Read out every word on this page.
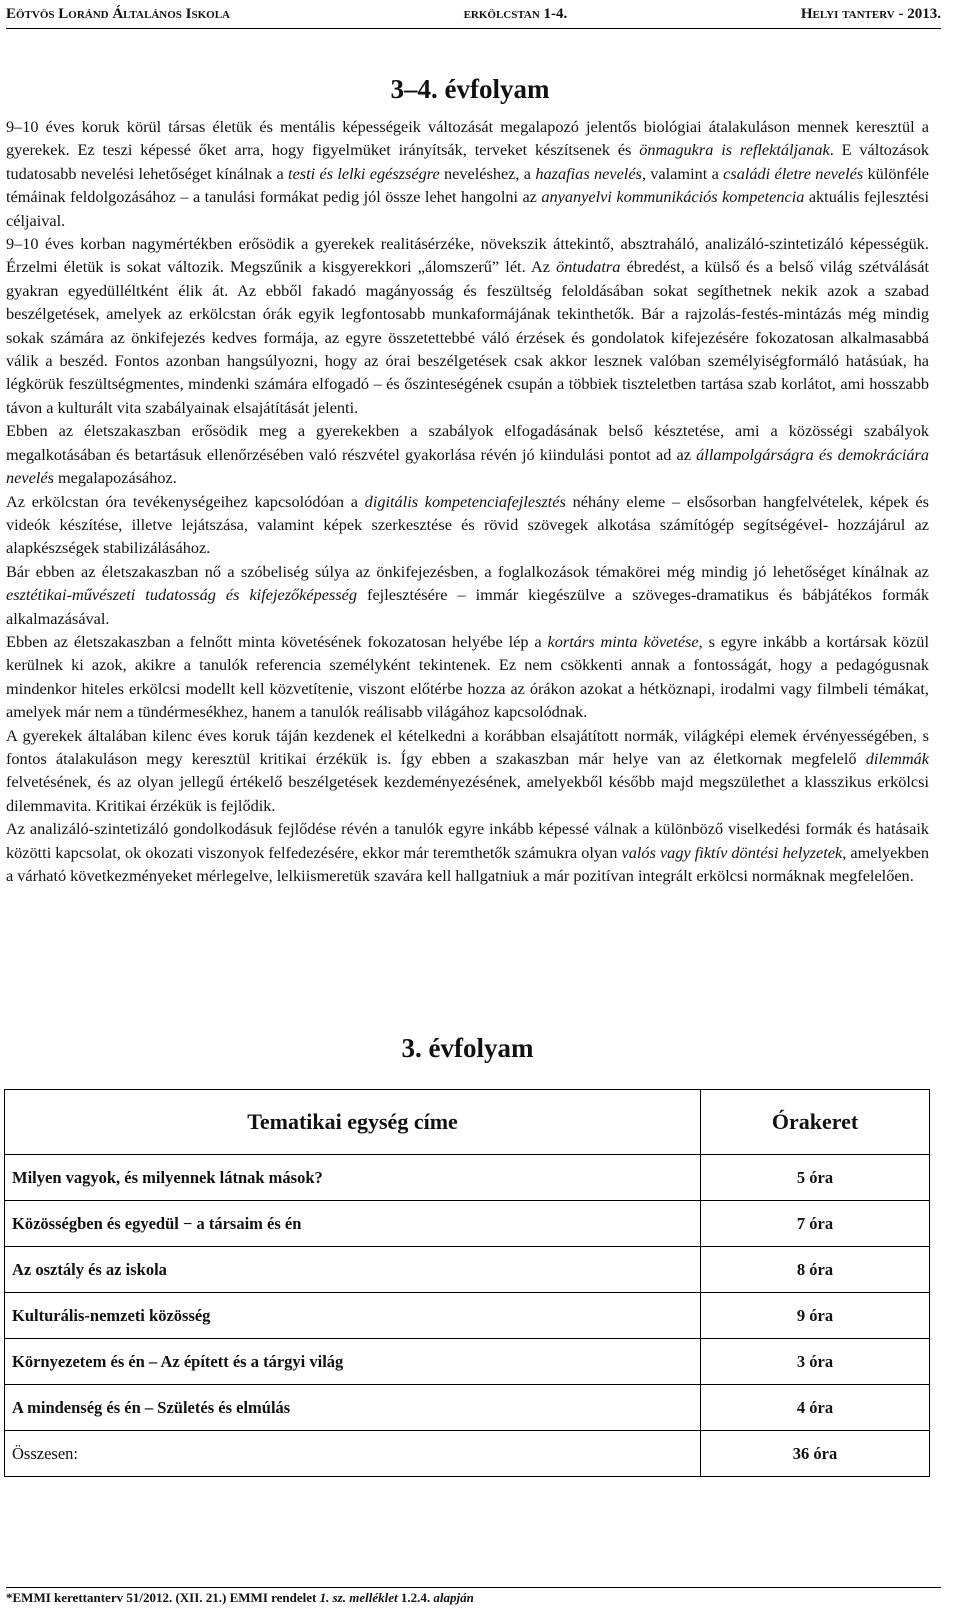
Eötvös Loránd Általános Iskola	erkölcstan 1-4.	Helyi tanterv - 2013.
3–4. évfolyam

9–10 éves koruk körül társas életük és mentális képességeik változását megalapozó jelentős biológiai átalakuláson mennek keresztül a gyerekek. Ez teszi képessé őket arra, hogy figyelmüket irányítsák, terveket készítsenek és önmagukra is reflektáljanak. E változások tudatosabb nevelési lehetőséget kínálnak a testi és lelki egészségre neveléshez, a hazafias nevelés, valamint a családi életre nevelés különféle témáinak feldolgozásához – a tanulási formákat pedig jól össze lehet hangolni az anyanyelvi kommunikációs kompetencia aktuális fejlesztési céljaival.

9–10 éves korban nagymértékben erősödik a gyerekek realitásérzéke, növekszik áttekintő, absztraháló, analizáló-szintetizáló képességük. Érzelmi életük is sokat változik. Megszűnik a kisgyerekkori „álomszerű” lét. Az öntudatra ébredést, a külső és a belső világ szétválását gyakran egyedülléltként élik át. Az ebből fakadó magányosság és feszültség feloldásában sokat segíthetnek nekik azok a szabad beszélgetések, amelyek az erkölcstan órák egyik legfontosabb munkaformájának tekinthetők. Bár a rajzolás-festés-mintázás még mindig sokak számára az önkifejezés kedves formája, az egyre összetettebbé váló érzések és gondolatok kifejezésére fokozatosan alkalmasabbá válik a beszéd. Fontos azonban hangsúlyozni, hogy az órai beszélgetések csak akkor lesznek valóban személyiségformáló hatásúak, ha légkörük feszültségmentes, mindenki számára elfogadó – és őszinteségének csupán a többiek tiszteletben tartása szab korlátot, ami hosszabb távon a kulturált vita szabályainak elsajátítását jelenti.

Ebben az életszakaszban erősödik meg a gyerekekben a szabályok elfogadásának belső késztetése, ami a közösségi szabályok megalkotásában és betartásuk ellenőrzésében való részvétel gyakorlása révén jó kiindulási pontot ad az állampolgárságra és demokráciára nevelés megalapozásához.

Az erkölcstan óra tevékenységeihez kapcsolódóan a digitális kompetenciafejlesztés néhány eleme – elsősorban hangfelvételek, képek és videók készítése, illetve lejátszása, valamint képek szerkesztése és rövid szövegek alkotása számítógép segítségével- hozzájárul az alapkészségek stabilizálásához.

Bár ebben az életszakaszban nő a szóbeliség súlya az önkifejezésben, a foglalkozások témakörei még mindig jó lehetőséget kínálnak az esztétikai-művészeti tudatosság és kifejezőképesség fejlesztésére – immár kiegészülve a szöveges-dramatikus és bábjátékos formák alkalmazásával.

Ebben az életszakaszban a felnőtt minta követésének fokozatosan helyébe lép a kortárs minta követése, s egyre inkább a kortársak közül kerülnek ki azok, akikre a tanulók referencia személyként tekintenek. Ez nem csökkenti annak a fontosságát, hogy a pedagógusnak mindenkor hiteles erkölcsi modellt kell közvetítenie, viszont előtérbe hozza az órákon azokat a hétköznapi, irodalmi vagy filmbeli témákat, amelyek már nem a tündérmesékhez, hanem a tanulók reálisabb világához kapcsolódnak.

A gyerekek általában kilenc éves koruk táján kezdenek el kételkedni a korábban elsajátított normák, világképi elemek érvényességében, s fontos átalakuláson megy keresztül kritikai érzékük is. Így ebben a szakaszban már helye van az életkornak megfelelő dilemmák felvetésének, és az olyan jellegű értékelő beszélgetések kezdeményezésének, amelyekből később majd megszülethet a klasszikus erkölcsi dilemmavita. Kritikai érzékük is fejlődik.

Az analizáló-szintetizáló gondolkodásuk fejlődése révén a tanulók egyre inkább képessé válnak a különböző viselkedési formák és hatásaik közötti kapcsolat, ok okozati viszonyok felfedezésére, ekkor már teremthetők számukra olyan valós vagy fiktív döntési helyzetek, amelyekben a várható következményeket mérlegelve, lelkiismeretük szavára kell hallgatniuk a már pozitívan integrált erkölcsi normáknak megfelelően.

3. évfolyam
Tematikai egység címe	Órakeret
Milyen vagyok, és milyennek látnak mások?	5 óra
Közösségben és egyedül − a társaim és én	7 óra
Az osztály és az iskola	8 óra
Kulturális-nemzeti közösség	9 óra
Környezetem és én – Az épített és a tárgyi világ	3 óra
A mindenség és én – Születés és elmúlás	4 óra
Összesen:	36 óra
*EMMI kerettanterv 51/2012. (XII. 21.) EMMI rendelet 1. sz. melléklet 1.2.4. alapján
